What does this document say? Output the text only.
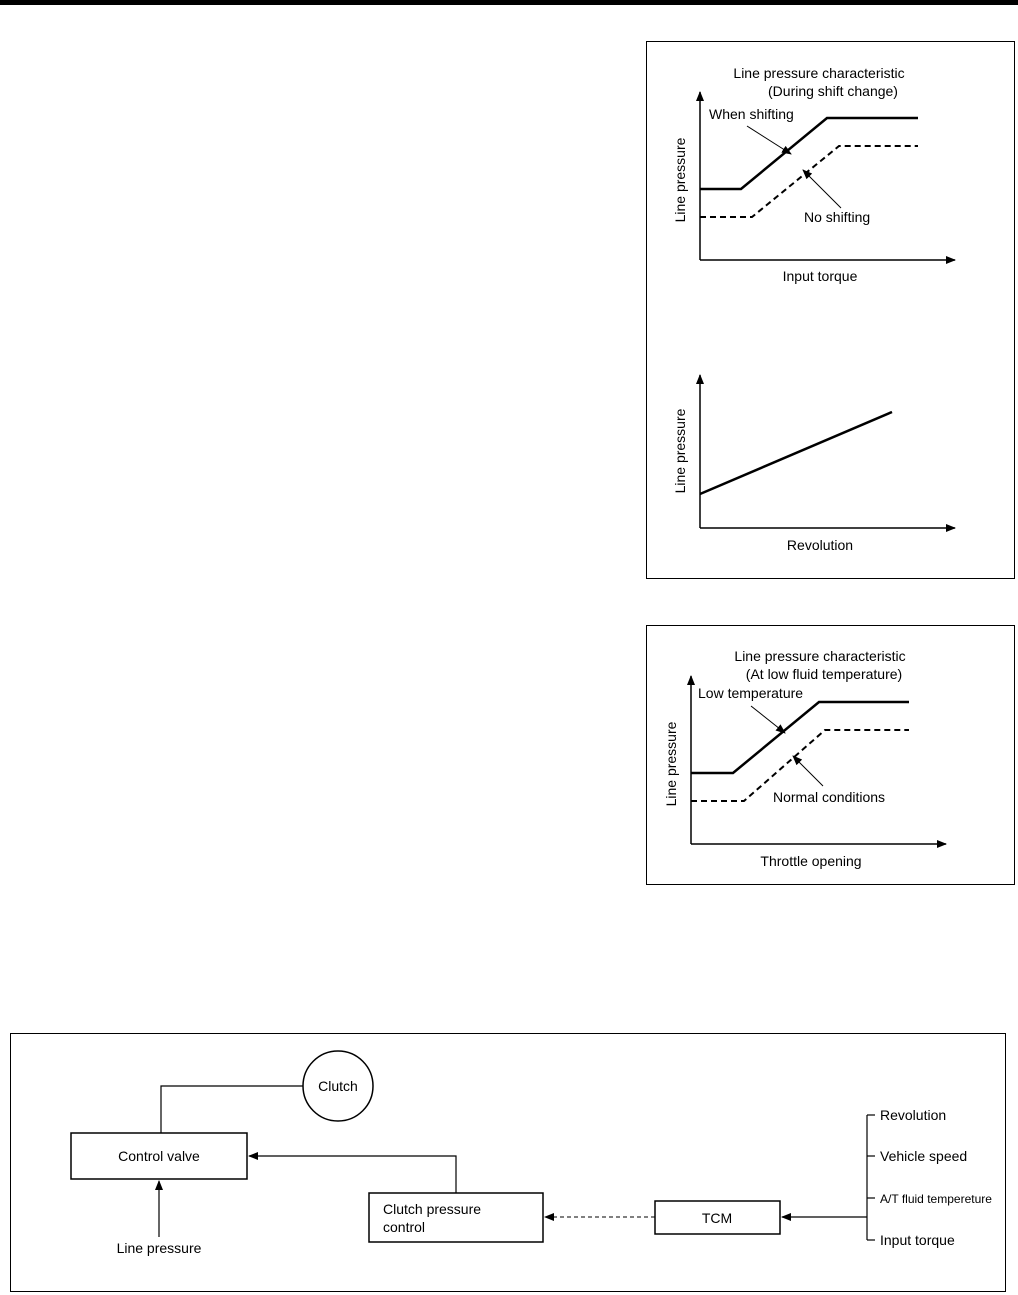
Line pressure characteristic
(During shift change)
Line pressure
Input torque
When shifting
No shifting
Line pressure
Revolution
Line pressure characteristic
(At low fluid temperature)
Line pressure
Throttle opening
Low temperature
Normal conditions
Clutch
Control valve
Line pressure
Clutch pressure
control
TCM
Revolution
Vehicle speed
A/T fluid tempereture
Input torque
